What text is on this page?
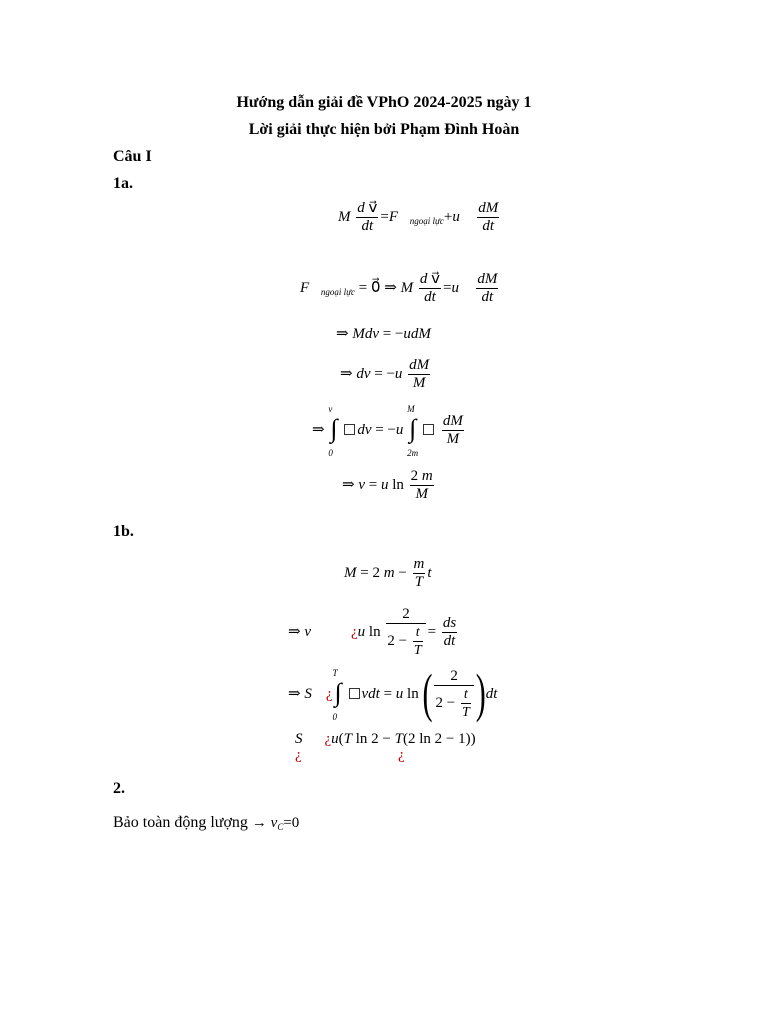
Hướng dẫn giải đề VPhO 2024-2025 ngày 1
Lời giải thực hiện bởi Phạm Đình Hoàn
Câu I
1a.
M $\frac{\text{d v⃗}}{dt}$ $=F⃗_{ngoại lực}+u⃗ \frac{dM}{dt}$
$F⃗_{ngoại lực}$ = 0⃗ ⇒ M $\frac{\text{d v⃗}}{dt}$ =u⃗ $\frac{dM}{dt}$
⇒ Mdv = −udM
⇒ dv = $-u \frac{dM}{M}$
⇒
v
∫
0
dv = −u
M
∫
2m

$\frac{dM}{M}$
⇒ v = u $\ln \frac{2 m}{M}$
1b.
M = 2 $m - \frac{m}{T}$ t
⇒ v	¿u $\ln \frac{2}{2 - \frac{t}{T}} = \frac{ds}{dt}$
⇒ S ¿
T
∫
0
vdt = u ln ( $\frac{2}{2 - \frac{t}{T}} )dt$
S ¿u(T ln 2 − T(2 ln 2 − 1))
¿	¿
2.
Bảo toàn động lượng → $v_C=0$
